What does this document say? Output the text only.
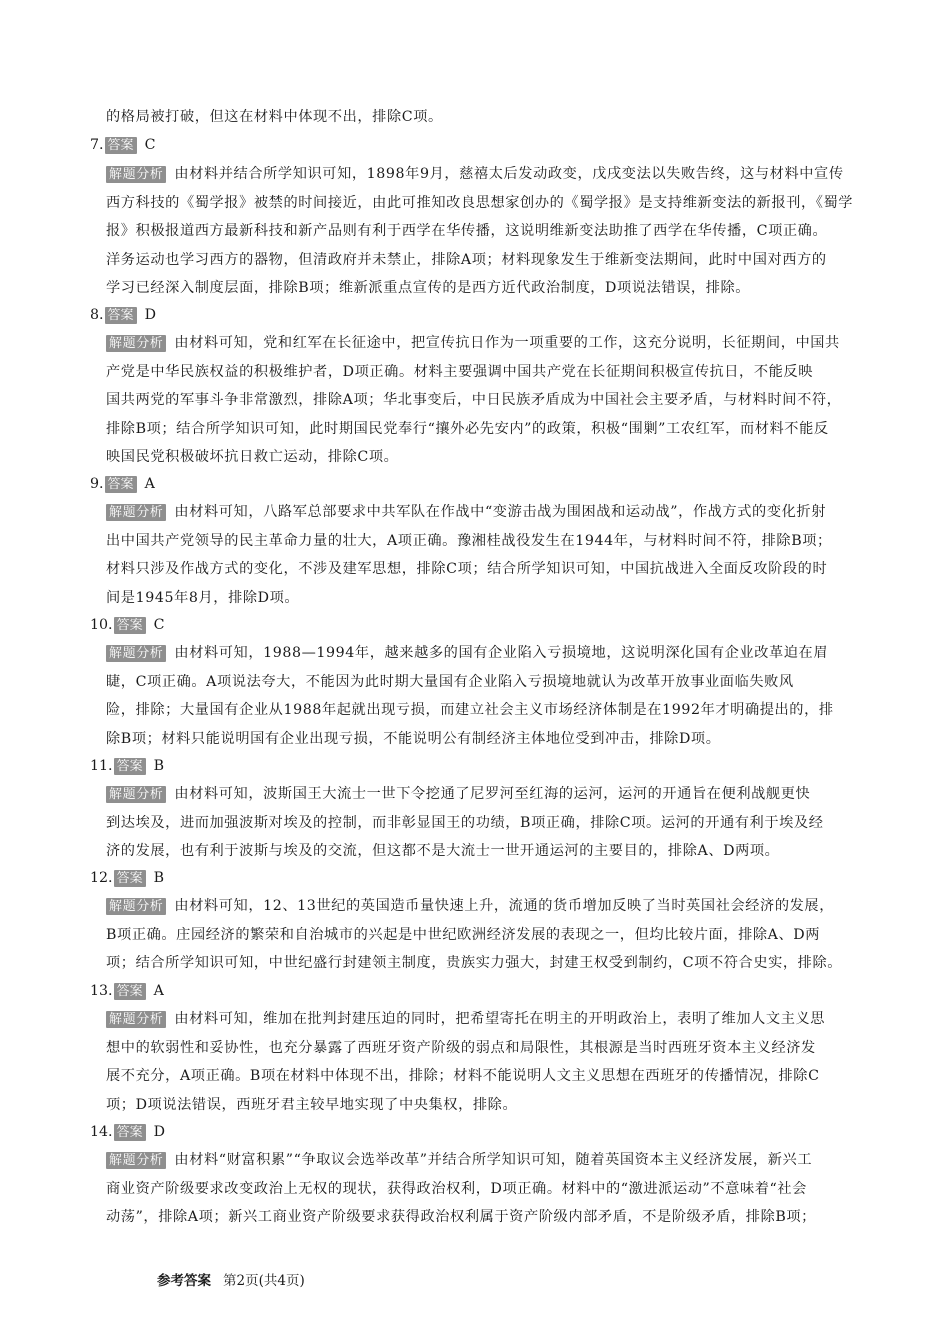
的格局被打破，但这在材料中体现不出，排除C项。
7. 答案 C
解题分析 由材料并结合所学知识可知，1898年9月，慈禧太后发动政变，戊戌变法以失败告终，这与材料中宣传
西方科技的《蜀学报》被禁的时间接近，由此可推知改良思想家创办的《蜀学报》是支持维新变法的新报刊，《蜀学
报》积极报道西方最新科技和新产品则有利于西学在华传播，这说明维新变法助推了西学在华传播，C项正确。
洋务运动也学习西方的器物，但清政府并未禁止，排除A项；材料现象发生于维新变法期间，此时中国对西方的
学习已经深入制度层面，排除B项；维新派重点宣传的是西方近代政治制度，D项说法错误，排除。
8. 答案 D
解题分析 由材料可知，党和红军在长征途中，把宣传抗日作为一项重要的工作，这充分说明，长征期间，中国共
产党是中华民族权益的积极维护者，D项正确。材料主要强调中国共产党在长征期间积极宣传抗日，不能反映
国共两党的军事斗争非常激烈，排除A项；华北事变后，中日民族矛盾成为中国社会主要矛盾，与材料时间不符，
排除B项；结合所学知识可知，此时期国民党奉行“攘外必先安内”的政策，积极“围剿”工农红军，而材料不能反
映国民党积极破坏抗日救亡运动，排除C项。
9. 答案 A
解题分析 由材料可知，八路军总部要求中共军队在作战中“变游击战为围困战和运动战”，作战方式的变化折射
出中国共产党领导的民主革命力量的壮大，A项正确。豫湘桂战役发生在1944年，与材料时间不符，排除B项；
材料只涉及作战方式的变化，不涉及建军思想，排除C项；结合所学知识可知，中国抗战进入全面反攻阶段的时
间是1945年8月，排除D项。
10. 答案 C
解题分析 由材料可知，1988—1994年，越来越多的国有企业陷入亏损境地，这说明深化国有企业改革迫在眉
睫，C项正确。A项说法夸大，不能因为此时期大量国有企业陷入亏损境地就认为改革开放事业面临失败风
险，排除；大量国有企业从1988年起就出现亏损，而建立社会主义市场经济体制是在1992年才明确提出的，排
除B项；材料只能说明国有企业出现亏损，不能说明公有制经济主体地位受到冲击，排除D项。
11. 答案 B
解题分析 由材料可知，波斯国王大流士一世下令挖通了尼罗河至红海的运河，运河的开通旨在便利战舰更快
到达埃及，进而加强波斯对埃及的控制，而非彰显国王的功绩，B项正确，排除C项。运河的开通有利于埃及经
济的发展，也有利于波斯与埃及的交流，但这都不是大流士一世开通运河的主要目的，排除A、D两项。
12. 答案 B
解题分析 由材料可知，12、13世纪的英国造币量快速上升，流通的货币增加反映了当时英国社会经济的发展，
B项正确。庄园经济的繁荣和自治城市的兴起是中世纪欧洲经济发展的表现之一，但均比较片面，排除A、D两
项；结合所学知识可知，中世纪盛行封建领主制度，贵族实力强大，封建王权受到制约，C项不符合史实，排除。
13. 答案 A
解题分析 由材料可知，维加在批判封建压迫的同时，把希望寄托在明主的开明政治上，表明了维加人文主义思
想中的软弱性和妥协性，也充分暴露了西班牙资产阶级的弱点和局限性，其根源是当时西班牙资本主义经济发
展不充分，A项正确。B项在材料中体现不出，排除；材料不能说明人文主义思想在西班牙的传播情况，排除C
项；D项说法错误，西班牙君主较早地实现了中央集权，排除。
14. 答案 D
解题分析 由材料“财富积累”“争取议会选举改革”并结合所学知识可知，随着英国资本主义经济发展，新兴工
商业资产阶级要求改变政治上无权的现状，获得政治权利，D项正确。材料中的“激进派运动”不意味着“社会
动荡”，排除A项；新兴工商业资产阶级要求获得政治权利属于资产阶级内部矛盾，不是阶级矛盾，排除B项；
参考答案 第2页(共4页)
